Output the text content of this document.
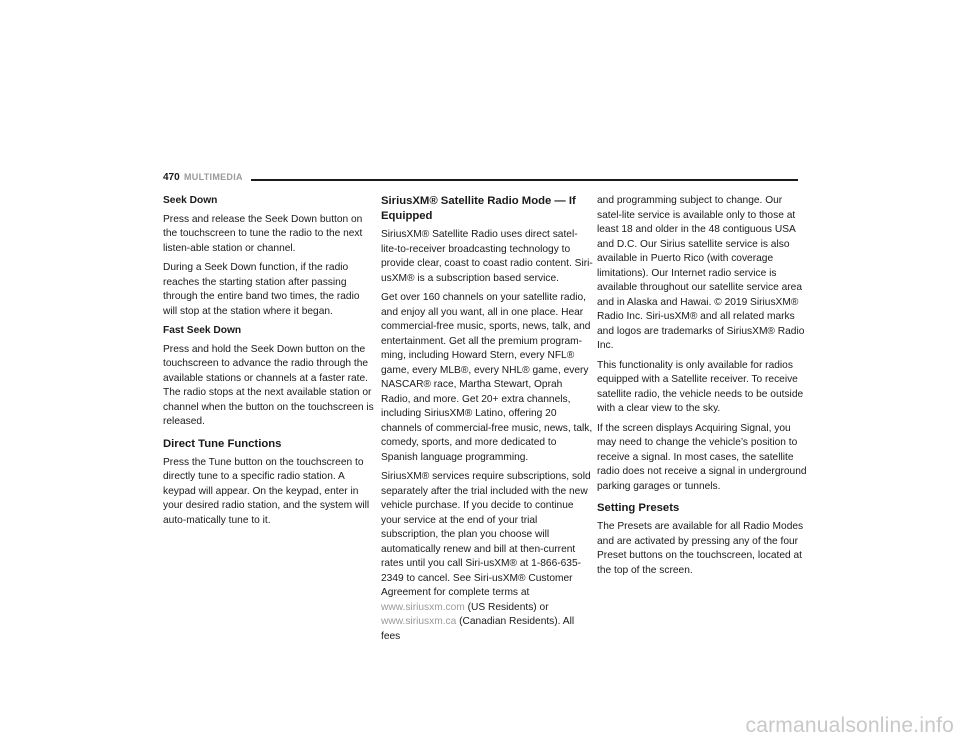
470 MULTIMEDIA
Seek Down

Press and release the Seek Down button on the touchscreen to tune the radio to the next listen-able station or channel.

During a Seek Down function, if the radio reaches the starting station after passing through the entire band two times, the radio will stop at the station where it began.

Fast Seek Down

Press and hold the Seek Down button on the touchscreen to advance the radio through the available stations or channels at a faster rate. The radio stops at the next available station or channel when the button on the touchscreen is released.

Direct Tune Functions

Press the Tune button on the touchscreen to directly tune to a specific radio station. A keypad will appear. On the keypad, enter in your desired radio station, and the system will auto-matically tune to it.

SiriusXM® Satellite Radio Mode — If Equipped

SiriusXM® Satellite Radio uses direct satel-lite-to-receiver broadcasting technology to provide clear, coast to coast radio content. Siri-usXM® is a subscription based service.

Get over 160 channels on your satellite radio, and enjoy all you want, all in one place. Hear commercial-free music, sports, news, talk, and entertainment. Get all the premium program-ming, including Howard Stern, every NFL® game, every MLB®, every NHL® game, every NASCAR® race, Martha Stewart, Oprah Radio, and more. Get 20+ extra channels, including SiriusXM® Latino, offering 20 channels of commercial-free music, news, talk, comedy, sports, and more dedicated to Spanish language programming.

SiriusXM® services require subscriptions, sold separately after the trial included with the new vehicle purchase. If you decide to continue your service at the end of your trial subscription, the plan you choose will automatically renew and bill at then-current rates until you call Siri-usXM® at 1-866-635-2349 to cancel. See Siri-usXM® Customer Agreement for complete terms at www.siriusxm.com (US Residents) or www.siriusxm.ca (Canadian Residents). All fees

and programming subject to change. Our satel-lite service is available only to those at least 18 and older in the 48 contiguous USA and D.C. Our Sirius satellite service is also available in Puerto Rico (with coverage limitations). Our Internet radio service is available throughout our satellite service area and in Alaska and Hawai. © 2019 SiriusXM® Radio Inc. Siri-usXM® and all related marks and logos are trademarks of SiriusXM® Radio Inc.

This functionality is only available for radios equipped with a Satellite receiver. To receive satellite radio, the vehicle needs to be outside with a clear view to the sky.

If the screen displays Acquiring Signal, you may need to change the vehicle’s position to receive a signal. In most cases, the satellite radio does not receive a signal in underground parking garages or tunnels.

Setting Presets

The Presets are available for all Radio Modes and are activated by pressing any of the four Preset buttons on the touchscreen, located at the top of the screen.

carmanualsonline.info
